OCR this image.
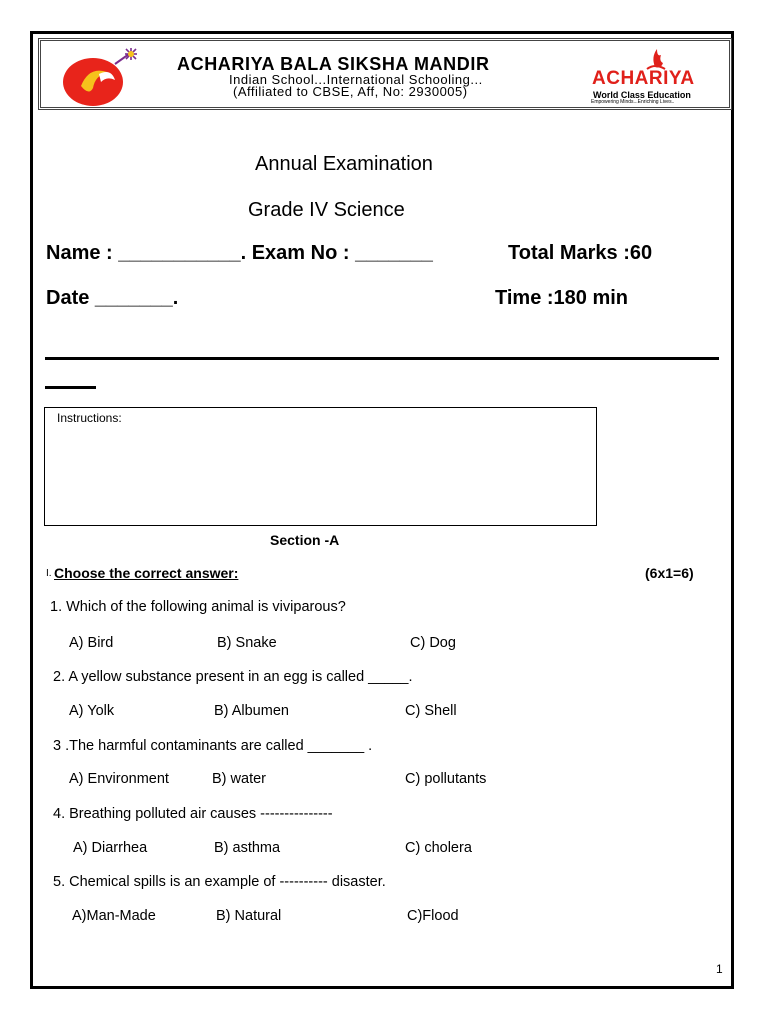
ACHARIYA BALA SIKSHA MANDIR
Indian School...International Schooling...
(Affiliated to CBSE, Aff, No: 2930005)
ACHARIYA
World Class Education
Empowering Minds...Enriching Lives..
Annual Examination
Grade IV Science
Name : ___________. Exam No : _______	Total Marks :60
Date _______.	Time :180 min
Instructions:
Section -A
I. Choose the correct answer:	(6x1=6)
1. Which of the following animal is viviparous?
A) Bird	B) Snake	C) Dog
2. A yellow substance present in an egg is called _____.
A) Yolk	B) Albumen	C) Shell
3 .The harmful contaminants are called _______ .
A) Environment	B) water	C) pollutants
4. Breathing polluted air causes ---------------
A) Diarrhea	B) asthma	C) cholera
5. Chemical spills is an example of ---------- disaster.
A)Man-Made	B) Natural	C)Flood
1
